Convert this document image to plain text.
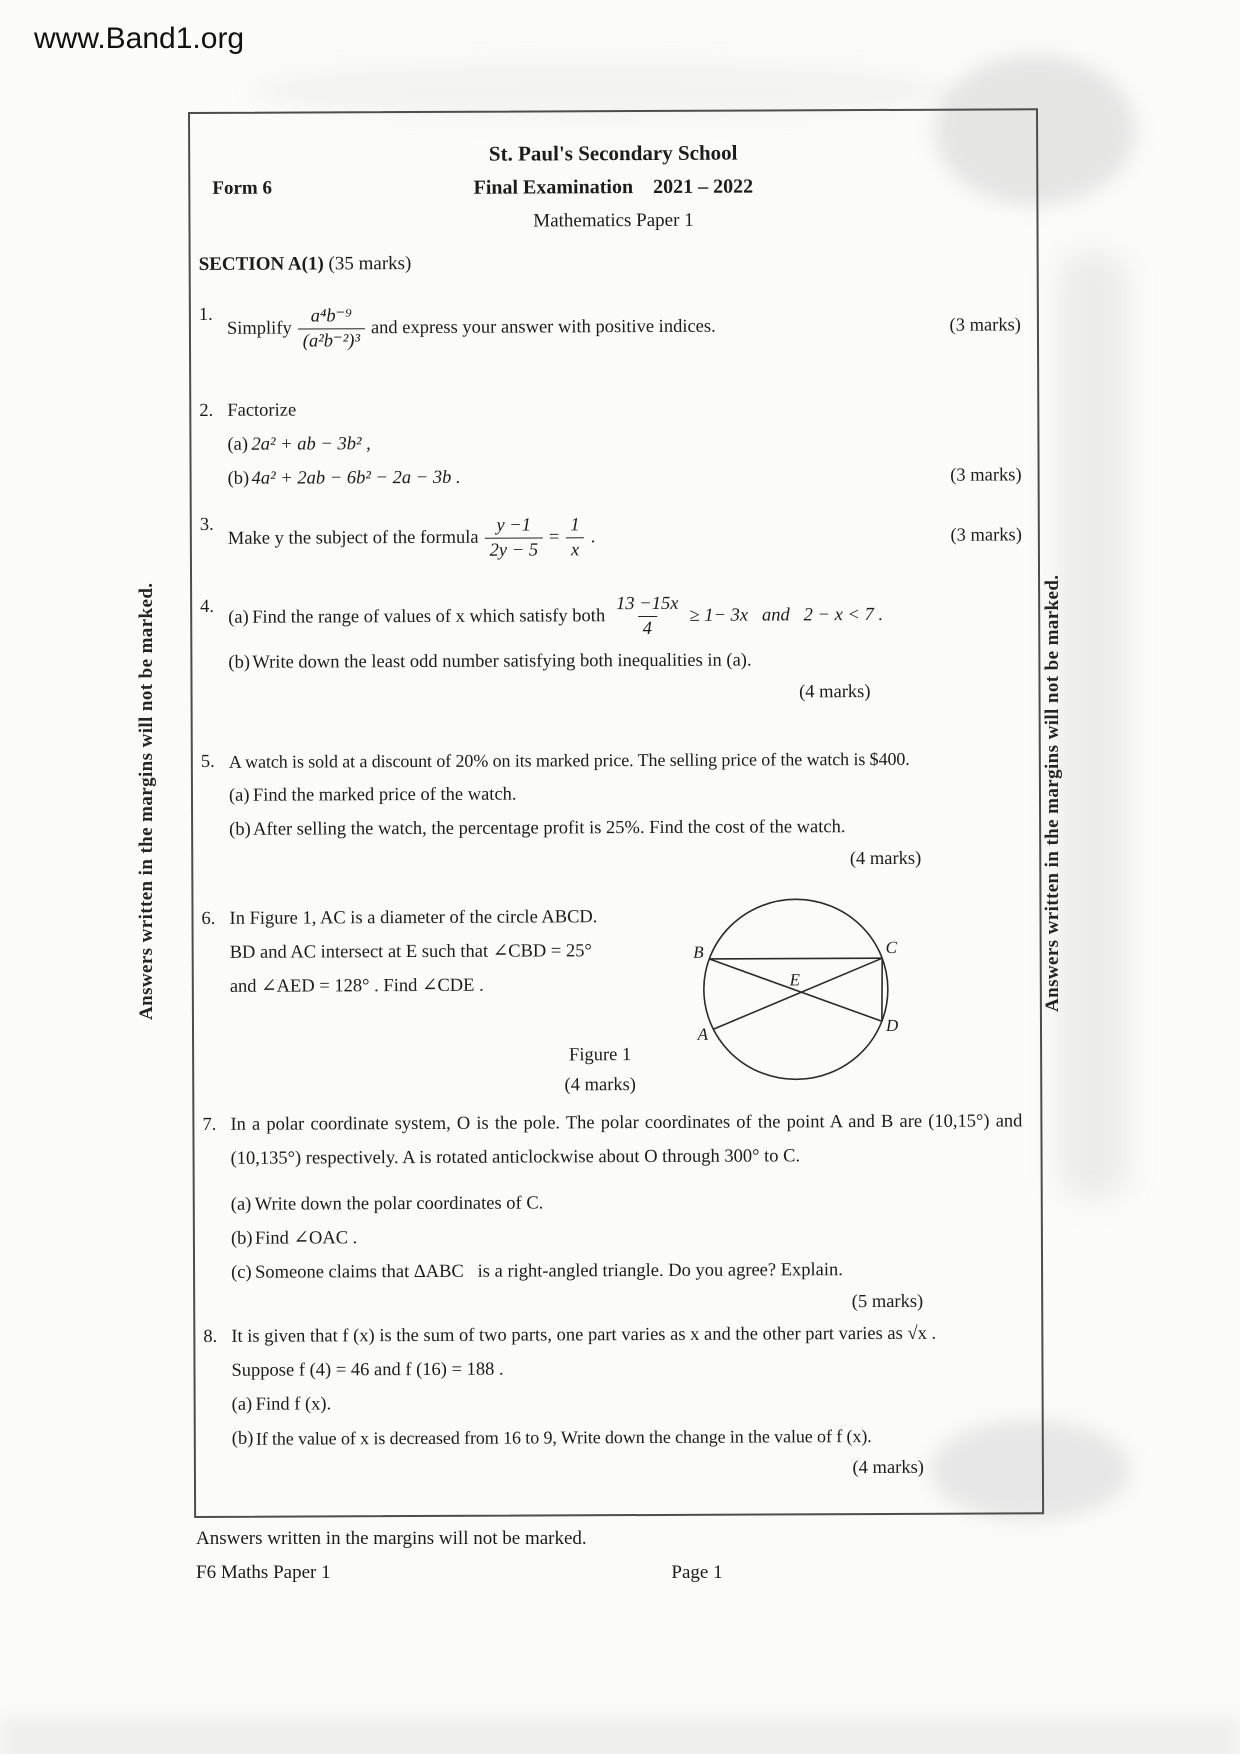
www.Band1.org
Answers written in the margins will not be marked.	Answers written in the margins will not be marked.
St. Paul's Secondary School
Final Examination   2021 – 2022
Mathematics Paper 1
Form 6
SECTION A(1) (35 marks)
1.
Simplify $\frac{\text{a⁴b⁻⁹}}{\text{(a²b⁻²)³}}$ and express your answer with positive indices.	(3 marks)
2. Factorize
(a) 2a² + ab − 3b² ,
(b) 4a² + 2ab − 6b² − 2a − 3b .	(3 marks)
3.
Make y the subject of the formula $\frac{y -1}{2y - 5} = \frac{1}{x}$ .	(3 marks)
4.
(a) Find the range of values of x which satisfy both $\frac{13 -15x}{4} \ge 1- 3x$  and  2 − x < 7 .
(b) Write down the least odd number satisfying both inequalities in (a).
(4 marks)
5. A watch is sold at a discount of 20% on its marked price. The selling price of the watch is $400.
(a) Find the marked price of the watch.
(b) After selling the watch, the percentage profit is 25%. Find the cost of the watch.
(4 marks)
6. In Figure 1, AC is a diameter of the circle ABCD.
BD and AC intersect at E such that ∠CBD = 25°
and ∠AED = 128° . Find ∠CDE .
Figure 1
(4 marks)
B	C
E
A	D
7. In a polar coordinate system, O is the pole. The polar coordinates of the point A and B are (10,15°) and (10,135°) respectively. A is rotated anticlockwise about O through 300° to C.
(a) Write down the polar coordinates of C.
(b) Find ∠OAC .
(c) Someone claims that ΔABC  is a right-angled triangle. Do you agree? Explain.
(5 marks)
8. It is given that f (x) is the sum of two parts, one part varies as x and the other part varies as √x .
Suppose f (4) = 46 and f (16) = 188 .
(a) Find f (x).
(b) If the value of x is decreased from 16 to 9, Write down the change in the value of f (x).
(4 marks)
Answers written in the margins will not be marked.
F6 Maths Paper 1	Page 1
